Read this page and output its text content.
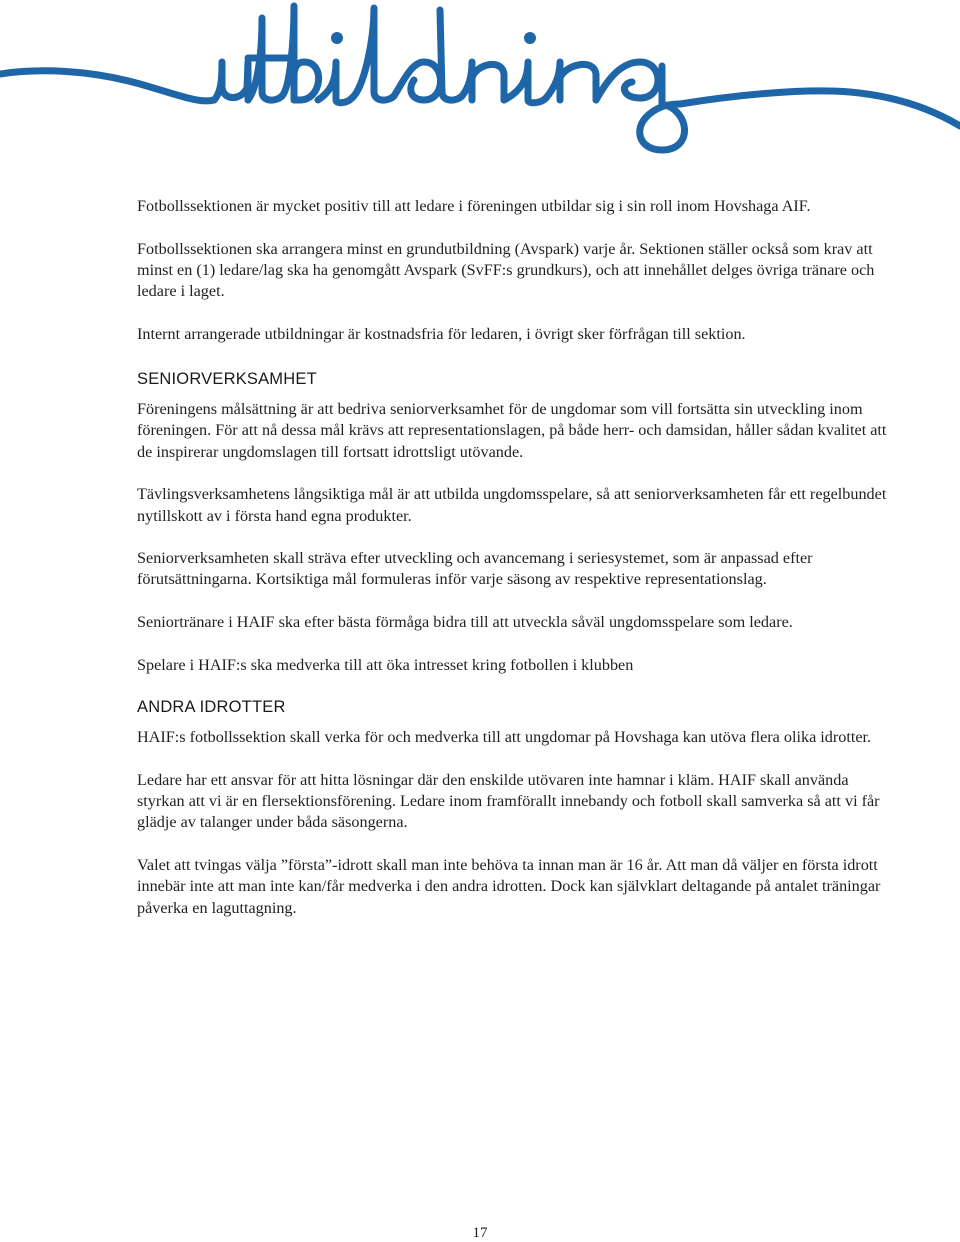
Fotbollssektionen är mycket positiv till att ledare i föreningen utbildar sig i sin roll inom Hovshaga AIF.

Fotbollssektionen ska arrangera minst en grundutbildning (Avspark) varje år. Sektionen ställer också som krav att minst en (1) ledare/lag ska ha genomgått Avspark (SvFF:s grundkurs), och att innehållet delges övriga tränare och ledare i laget.

Internt arrangerade utbildningar är kostnadsfria för ledaren, i övrigt sker förfrågan till sektion.

SENIORVERKSAMHET

Föreningens målsättning är att bedriva seniorverksamhet för de ungdomar som vill fortsätta sin utveckling inom föreningen. För att nå dessa mål krävs att representationslagen, på både herr- och damsidan, håller sådan kvalitet att de inspirerar ungdomslagen till fortsatt idrottsligt utövande.

Tävlingsverksamhetens långsiktiga mål är att utbilda ungdomsspelare, så att seniorverksamheten får ett regelbundet nytillskott av i första hand egna produkter.

Seniorverksamheten skall sträva efter utveckling och avancemang i seriesystemet, som är anpassad efter förutsättningarna. Kortsiktiga mål formuleras inför varje säsong av respektive representationslag.

Seniortränare i HAIF ska efter bästa förmåga bidra till att utveckla såväl ungdomsspelare som ledare.

Spelare i HAIF:s ska medverka till att öka intresset kring fotbollen i klubben

ANDRA IDROTTER

HAIF:s fotbollssektion skall verka för och medverka till att ungdomar på Hovshaga kan utöva flera olika idrotter.

Ledare har ett ansvar för att hitta lösningar där den enskilde utövaren inte hamnar i kläm. HAIF skall använda styrkan att vi är en flersektionsförening. Ledare inom framförallt innebandy och fotboll skall samverka så att vi får glädje av talanger under båda säsongerna.

Valet att tvingas välja ”första”-idrott skall man inte behöva ta innan man är 16 år. Att man då väljer en första idrott innebär inte att man inte kan/får medverka i den andra idrotten. Dock kan självklart deltagande på antalet träningar påverka en laguttagning.

17
